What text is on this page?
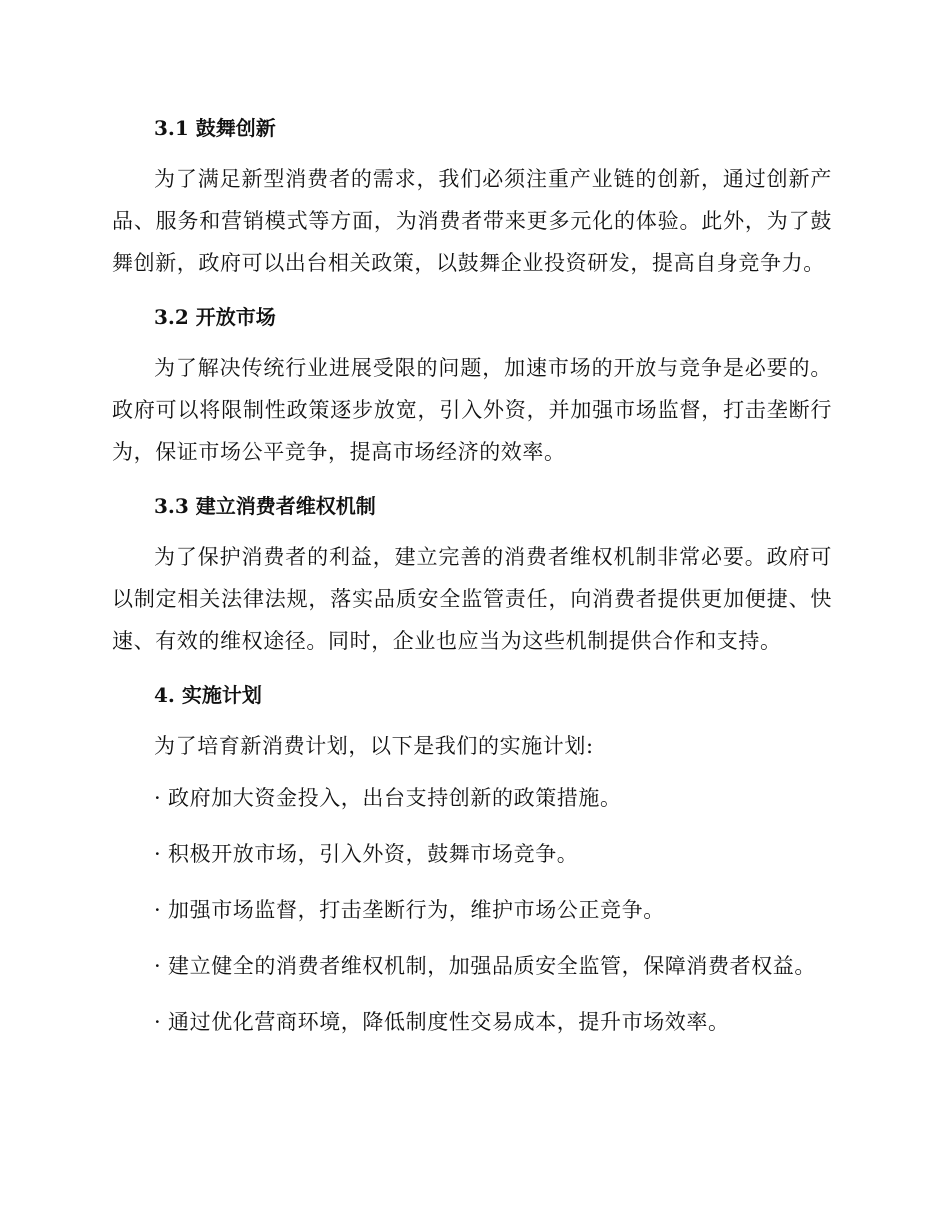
3.1 鼓舞创新

为了满足新型消费者的需求，我们必须注重产业链的创新，通过创新产品、服务和营销模式等方面，为消费者带来更多元化的体验。此外，为了鼓舞创新，政府可以出台相关政策，以鼓舞企业投资研发，提高自身竞争力。

3.2 开放市场

为了解决传统行业进展受限的问题，加速市场的开放与竞争是必要的。政府可以将限制性政策逐步放宽，引入外资，并加强市场监督，打击垄断行为，保证市场公平竞争，提高市场经济的效率。

3.3 建立消费者维权机制

为了保护消费者的利益，建立完善的消费者维权机制非常必要。政府可以制定相关法律法规，落实品质安全监管责任，向消费者提供更加便捷、快速、有效的维权途径。同时，企业也应当为这些机制提供合作和支持。

4. 实施计划

为了培育新消费计划，以下是我们的实施计划:

· 政府加大资金投入，出台支持创新的政策措施。
· 积极开放市场，引入外资，鼓舞市场竞争。
· 加强市场监督，打击垄断行为，维护市场公正竞争。
· 建立健全的消费者维权机制，加强品质安全监管，保障消费者权益。
· 通过优化营商环境，降低制度性交易成本，提升市场效率。
